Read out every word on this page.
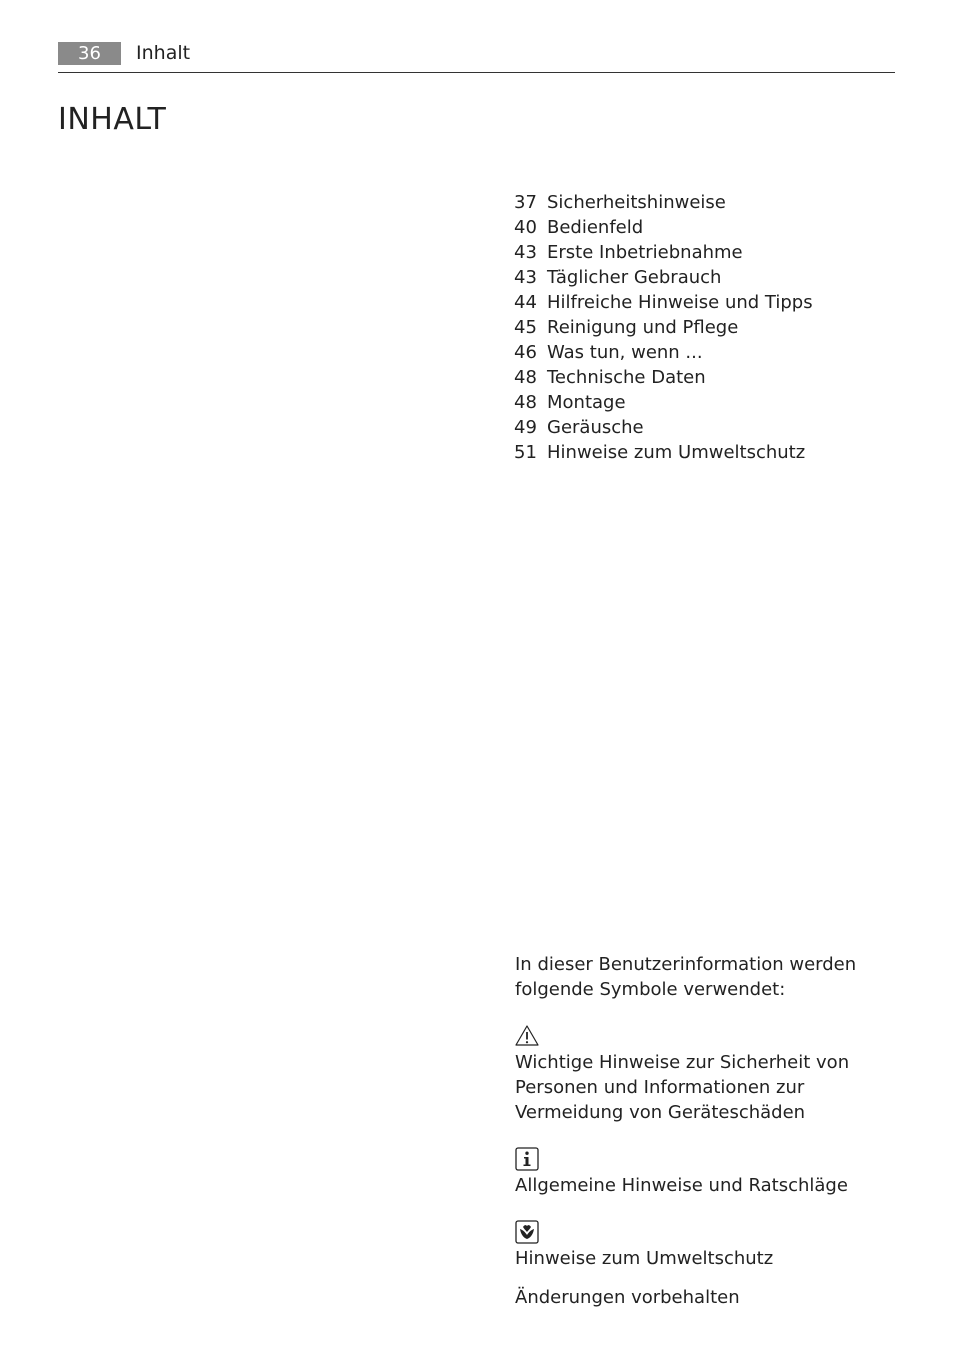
36	Inhalt
INHALT
37 Sicherheitshinweise
40 Bedienfeld
43 Erste Inbetriebnahme
43 Täglicher Gebrauch
44 Hilfreiche Hinweise und Tipps
45 Reinigung und Pflege
46 Was tun, wenn ...
48 Technische Daten
48 Montage
49 Geräusche
51 Hinweise zum Umweltschutz

In dieser Benutzerinformation werden folgende Symbole verwendet:

Wichtige Hinweise zur Sicherheit von Personen und Informationen zur Vermeidung von Geräteschäden

Allgemeine Hinweise und Ratschläge

Hinweise zum Umweltschutz

Änderungen vorbehalten
